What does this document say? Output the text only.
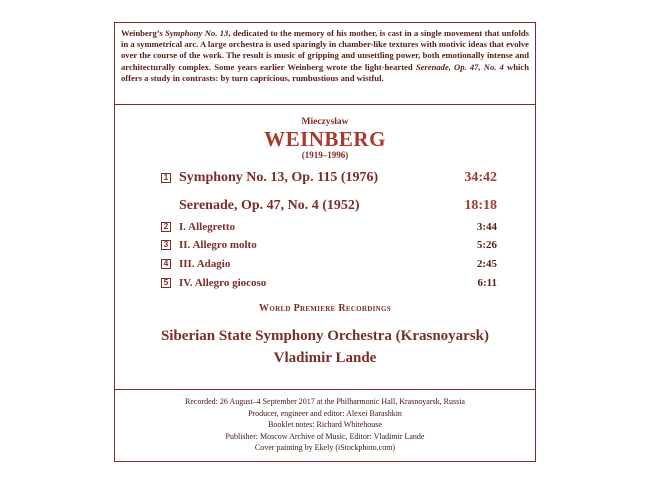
Weinberg’s Symphony No. 13, dedicated to the memory of his mother, is cast in a single movement that unfolds in a symmetrical arc. A large orchestra is used sparingly in chamber-like textures with motivic ideas that evolve over the course of the work. The result is music of gripping and unsettling power, both emotionally intense and architecturally complex. Some years earlier Weinberg wrote the light-hearted Serenade, Op. 47, No. 4 which offers a study in contrasts: by turn capricious, rumbustious and wistful.
Mieczysław
WEINBERG
(1919–1996)
1 Symphony No. 13, Op. 115 (1976)	34:42
Serenade, Op. 47, No. 4 (1952)	18:18
2 I. Allegretto	3:44
3 II. Allegro molto	5:26
4 III. Adagio	2:45
5 IV. Allegro giocoso	6:11
World Premiere Recordings
Siberian State Symphony Orchestra (Krasnoyarsk)
Vladimir Lande
Recorded: 26 August–4 September 2017 at the Philharmonic Hall, Krasnoyarsk, Russia
Producer, engineer and editor: Alexei Barashkin
Booklet notes: Richard Whitehouse
Publisher: Moscow Archive of Music, Editor: Vladimir Lande
Cover painting by Ekely (iStockphoto.com)
